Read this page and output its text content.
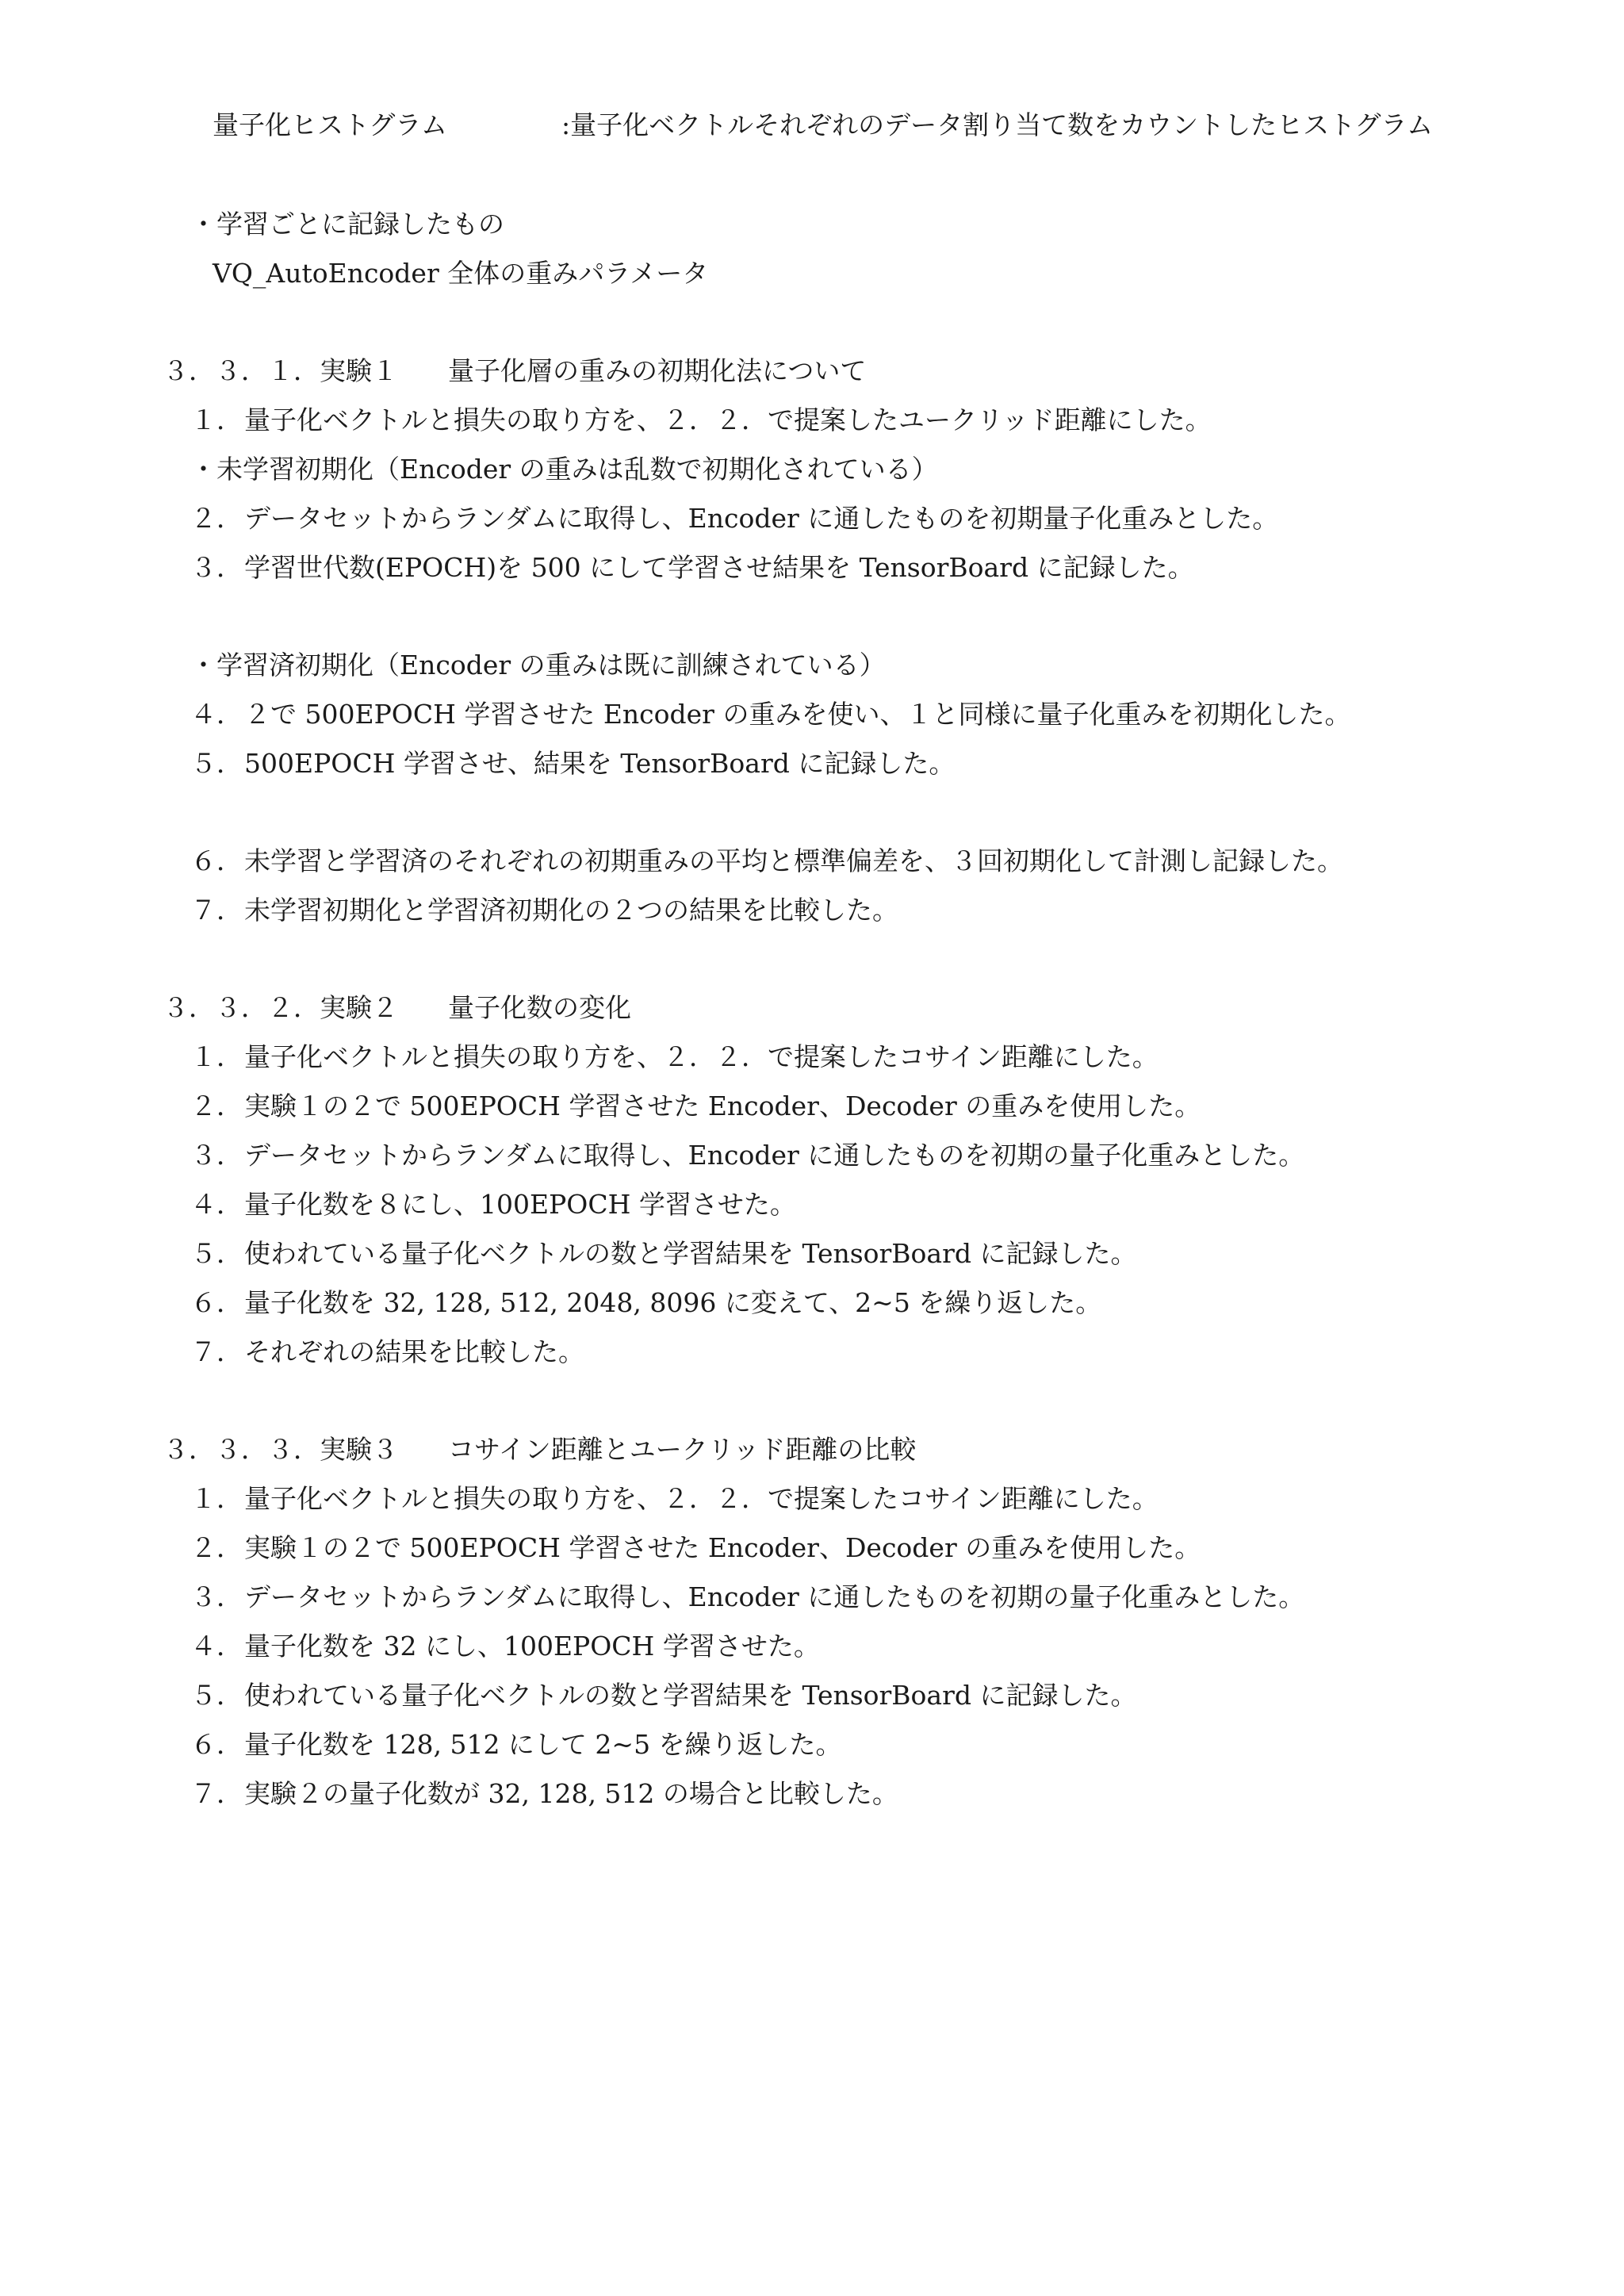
量子化ヒストグラム	:量子化ベクトルそれぞれのデータ割り当て数をカウントしたヒストグラム
・学習ごとに記録したもの
VQ_AutoEncoder 全体の重みパラメータ
３．３．１．実験１ 量子化層の重みの初期化法について
１．量子化ベクトルと損失の取り方を、２．２．で提案したユークリッド距離にした。
・未学習初期化（Encoder の重みは乱数で初期化されている）
２．データセットからランダムに取得し、Encoder に通したものを初期量子化重みとした。
３．学習世代数(EPOCH)を 500 にして学習させ結果を TensorBoard に記録した。
・学習済初期化（Encoder の重みは既に訓練されている）
４．２で 500EPOCH 学習させた Encoder の重みを使い、１と同様に量子化重みを初期化した。
５．500EPOCH 学習させ、結果を TensorBoard に記録した。
６．未学習と学習済のそれぞれの初期重みの平均と標準偏差を、３回初期化して計測し記録した。
７．未学習初期化と学習済初期化の２つの結果を比較した。
３．３．２．実験２ 量子化数の変化
１．量子化ベクトルと損失の取り方を、２．２．で提案したコサイン距離にした。
２．実験１の２で 500EPOCH 学習させた Encoder、Decoder の重みを使用した。
３．データセットからランダムに取得し、Encoder に通したものを初期の量子化重みとした。
４．量子化数を８にし、100EPOCH 学習させた。
５．使われている量子化ベクトルの数と学習結果を TensorBoard に記録した。
６．量子化数を 32, 128, 512, 2048, 8096 に変えて、2~5 を繰り返した。
７．それぞれの結果を比較した。
３．３．３．実験３ コサイン距離とユークリッド距離の比較
１．量子化ベクトルと損失の取り方を、２．２．で提案したコサイン距離にした。
２．実験１の２で 500EPOCH 学習させた Encoder、Decoder の重みを使用した。
３．データセットからランダムに取得し、Encoder に通したものを初期の量子化重みとした。
４．量子化数を 32 にし、100EPOCH 学習させた。
５．使われている量子化ベクトルの数と学習結果を TensorBoard に記録した。
６．量子化数を 128, 512 にして 2~5 を繰り返した。
７．実験２の量子化数が 32, 128, 512 の場合と比較した。
